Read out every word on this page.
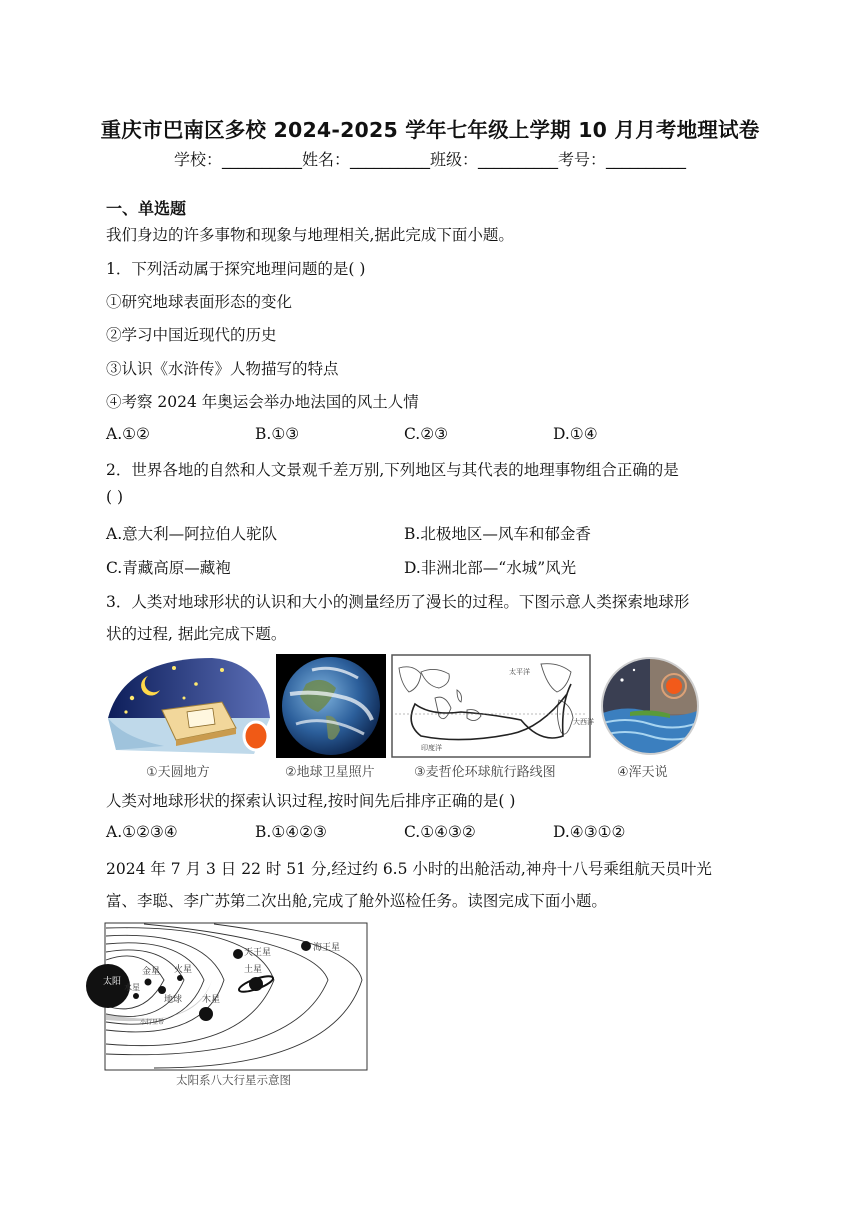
重庆市巴南区多校 2024-2025 学年七年级上学期 10 月月考地理试卷
学校：__________姓名：__________班级：__________考号：__________
一、单选题
我们身边的许多事物和现象与地理相关,据此完成下面小题。
1．下列活动属于探究地理问题的是( )
①研究地球表面形态的变化
②学习中国近现代的历史
③认识《水浒传》人物描写的特点
④考察 2024 年奥运会举办地法国的风土人情
A.①②	B.①③	C.②③	D.①④
2．世界各地的自然和人文景观千差万别,下列地区与其代表的地理事物组合正确的是
( )
A.意大利—阿拉伯人驼队	B.北极地区—风车和郁金香
C.青藏高原—藏袍	D.非洲北部—“水城”风光
3．人类对地球形状的认识和大小的测量经历了漫长的过程。下图示意人类探索地球形
状的过程, 据此完成下题。
太平洋
大西洋
印度洋
①天圆地方	②地球卫星照片	③麦哲伦环球航行路线图	④浑天说
人类对地球形状的探索认识过程,按时间先后排序正确的是( )
A.①②③④	B.①④②③	C.①④③②	D.④③①②
2024 年 7 月 3 日 22 时 51 分,经过约 6.5 小时的出舱活动,神舟十八号乘组航天员叶光
富、李聪、李广苏第二次出舱,完成了舱外巡检任务。读图完成下面小题。
太阳
水星
金星
地球
火星
木星
土星
天王星	海王星
小行星带
太阳系八大行星示意图
